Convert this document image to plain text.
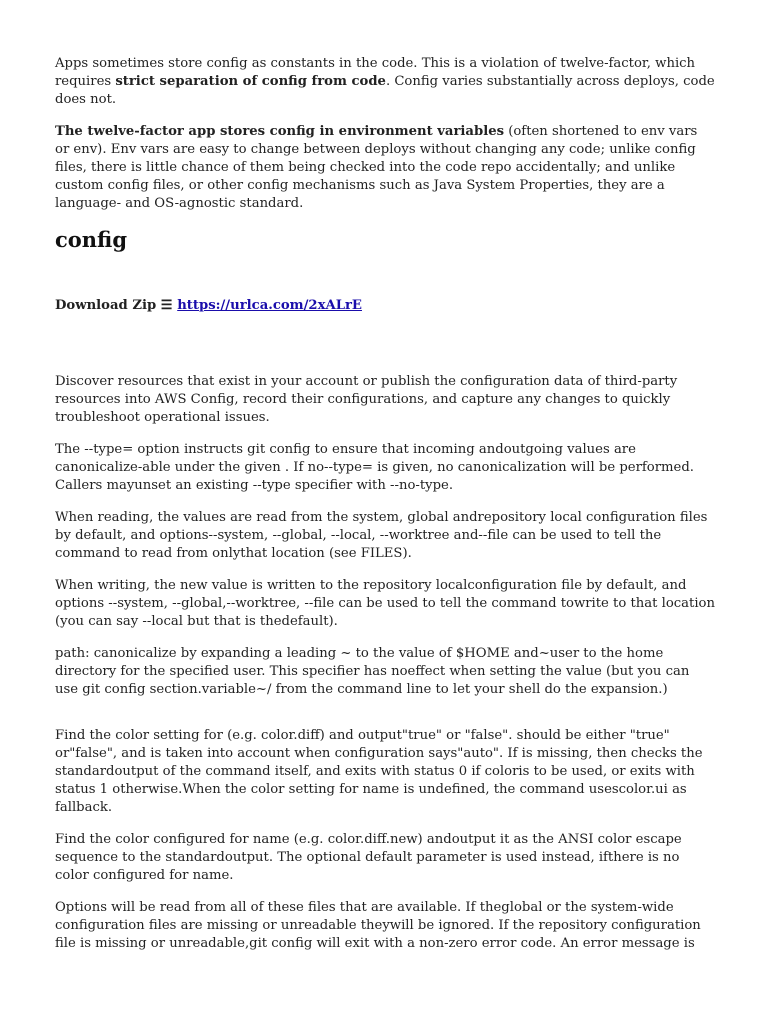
Apps sometimes store config as constants in the code. This is a violation of twelve-factor, which requires strict separation of config from code. Config varies substantially across deploys, code does not.

The twelve-factor app stores config in environment variables (often shortened to env vars or env). Env vars are easy to change between deploys without changing any code; unlike config files, there is little chance of them being checked into the code repo accidentally; and unlike custom config files, or other config mechanisms such as Java System Properties, they are a language- and OS-agnostic standard.

config
Download Zip ☰ https://urlca.com/2xALrE

Discover resources that exist in your account or publish the configuration data of third-party resources into AWS Config, record their configurations, and capture any changes to quickly troubleshoot operational issues.

The --type= option instructs git config to ensure that incoming andoutgoing values are canonicalize-able under the given . If no--type= is given, no canonicalization will be performed. Callers mayunset an existing --type specifier with --no-type.

When reading, the values are read from the system, global andrepository local configuration files by default, and options--system, --global, --local, --worktree and--file can be used to tell the command to read from onlythat location (see FILES).

When writing, the new value is written to the repository localconfiguration file by default, and options --system, --global,--worktree, --file can be used to tell the command towrite to that location (you can say --local but that is thedefault).

path: canonicalize by expanding a leading ~ to the value of $HOME and~user to the home directory for the specified user. This specifier has noeffect when setting the value (but you can use git config section.variable~/ from the command line to let your shell do the expansion.)

Find the color setting for (e.g. color.diff) and output"true" or "false". should be either "true" or"false", and is taken into account when configuration says"auto". If is missing, then checks the standardoutput of the command itself, and exits with status 0 if coloris to be used, or exits with status 1 otherwise.When the color setting for name is undefined, the command usescolor.ui as fallback.

Find the color configured for name (e.g. color.diff.new) andoutput it as the ANSI color escape sequence to the standardoutput. The optional default parameter is used instead, ifthere is no color configured for name.

Options will be read from all of these files that are available. If theglobal or the system-wide configuration files are missing or unreadable theywill be ignored. If the repository configuration file is missing or unreadable,git config will exit with a non-zero error code. An error message is
